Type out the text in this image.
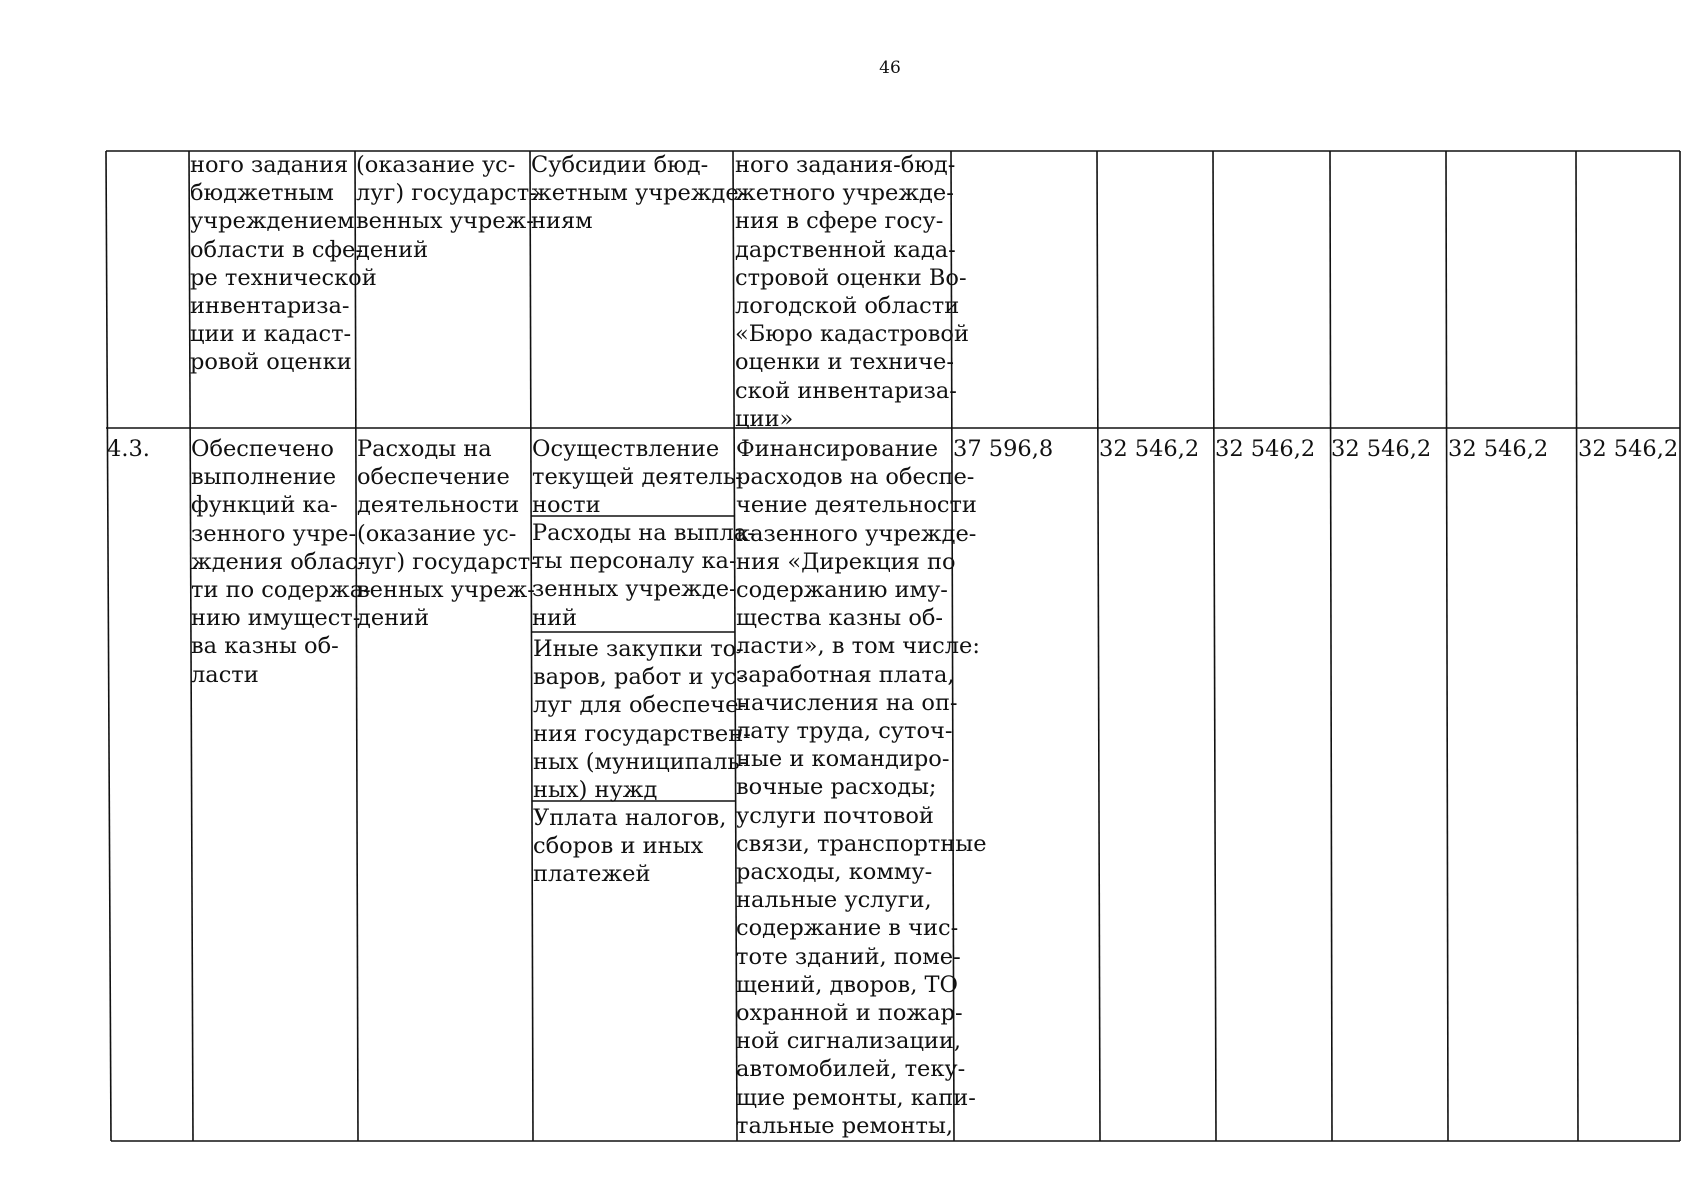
46
ного задания
бюджетным
учреждением
области в сфе-
ре технической
инвентаризa-
ции и кадаст-
ровой оценки
(оказание ус-
луг) государст-
венных учреж-
дений
Субсидии бюд-
жетным учрежде-
ниям
ного задания-бюд-
жетного учрежде-
ния в сфере госу-
дарственной када-
стровой оценки Во-
логодской области
«Бюро кадастровой
оценки и техниче-
ской инвентаризa-
ции»
4.3. Обеспечено
выполнение
функций ка-
зенного учре-
ждения облас-
ти по содержа-
нию имущест-
ва казны об-
ласти
Расходы на
обеспечение
деятельности
(оказание ус-
луг) государст-
венных учреж-
дений
Осуществление
текущей деятель-
ности
Расходы на выпла-
ты персоналу ка-
зенных учрежде-
ний
Иные закупки то-
варов, работ и ус-
луг для обеспече-
ния государствен-
ных (муниципаль-
ных) нужд
Уплата налогов,
сборов и иных
платежей
Финансирование
расходов на обеспе-
чение деятельности
казенного учрежде-
ния «Дирекция по
содержанию иму-
щества казны об-
ласти», в том числе:
заработная плата,
начисления на оп-
лату труда, суточ-
ные и командиро-
вочные расходы;
услуги почтовой
связи, транспортные
расходы, комму-
нальные услуги,
содержание в чис-
тоте зданий, поме-
щений, дворов, ТО
охранной и пожар-
ной сигнализации,
автомобилей, теку-
щие ремонты, капи-
тальные ремонты,
37 596,8 32 546,2 32 546,2 32 546,2 32 546,2 32 546,2
